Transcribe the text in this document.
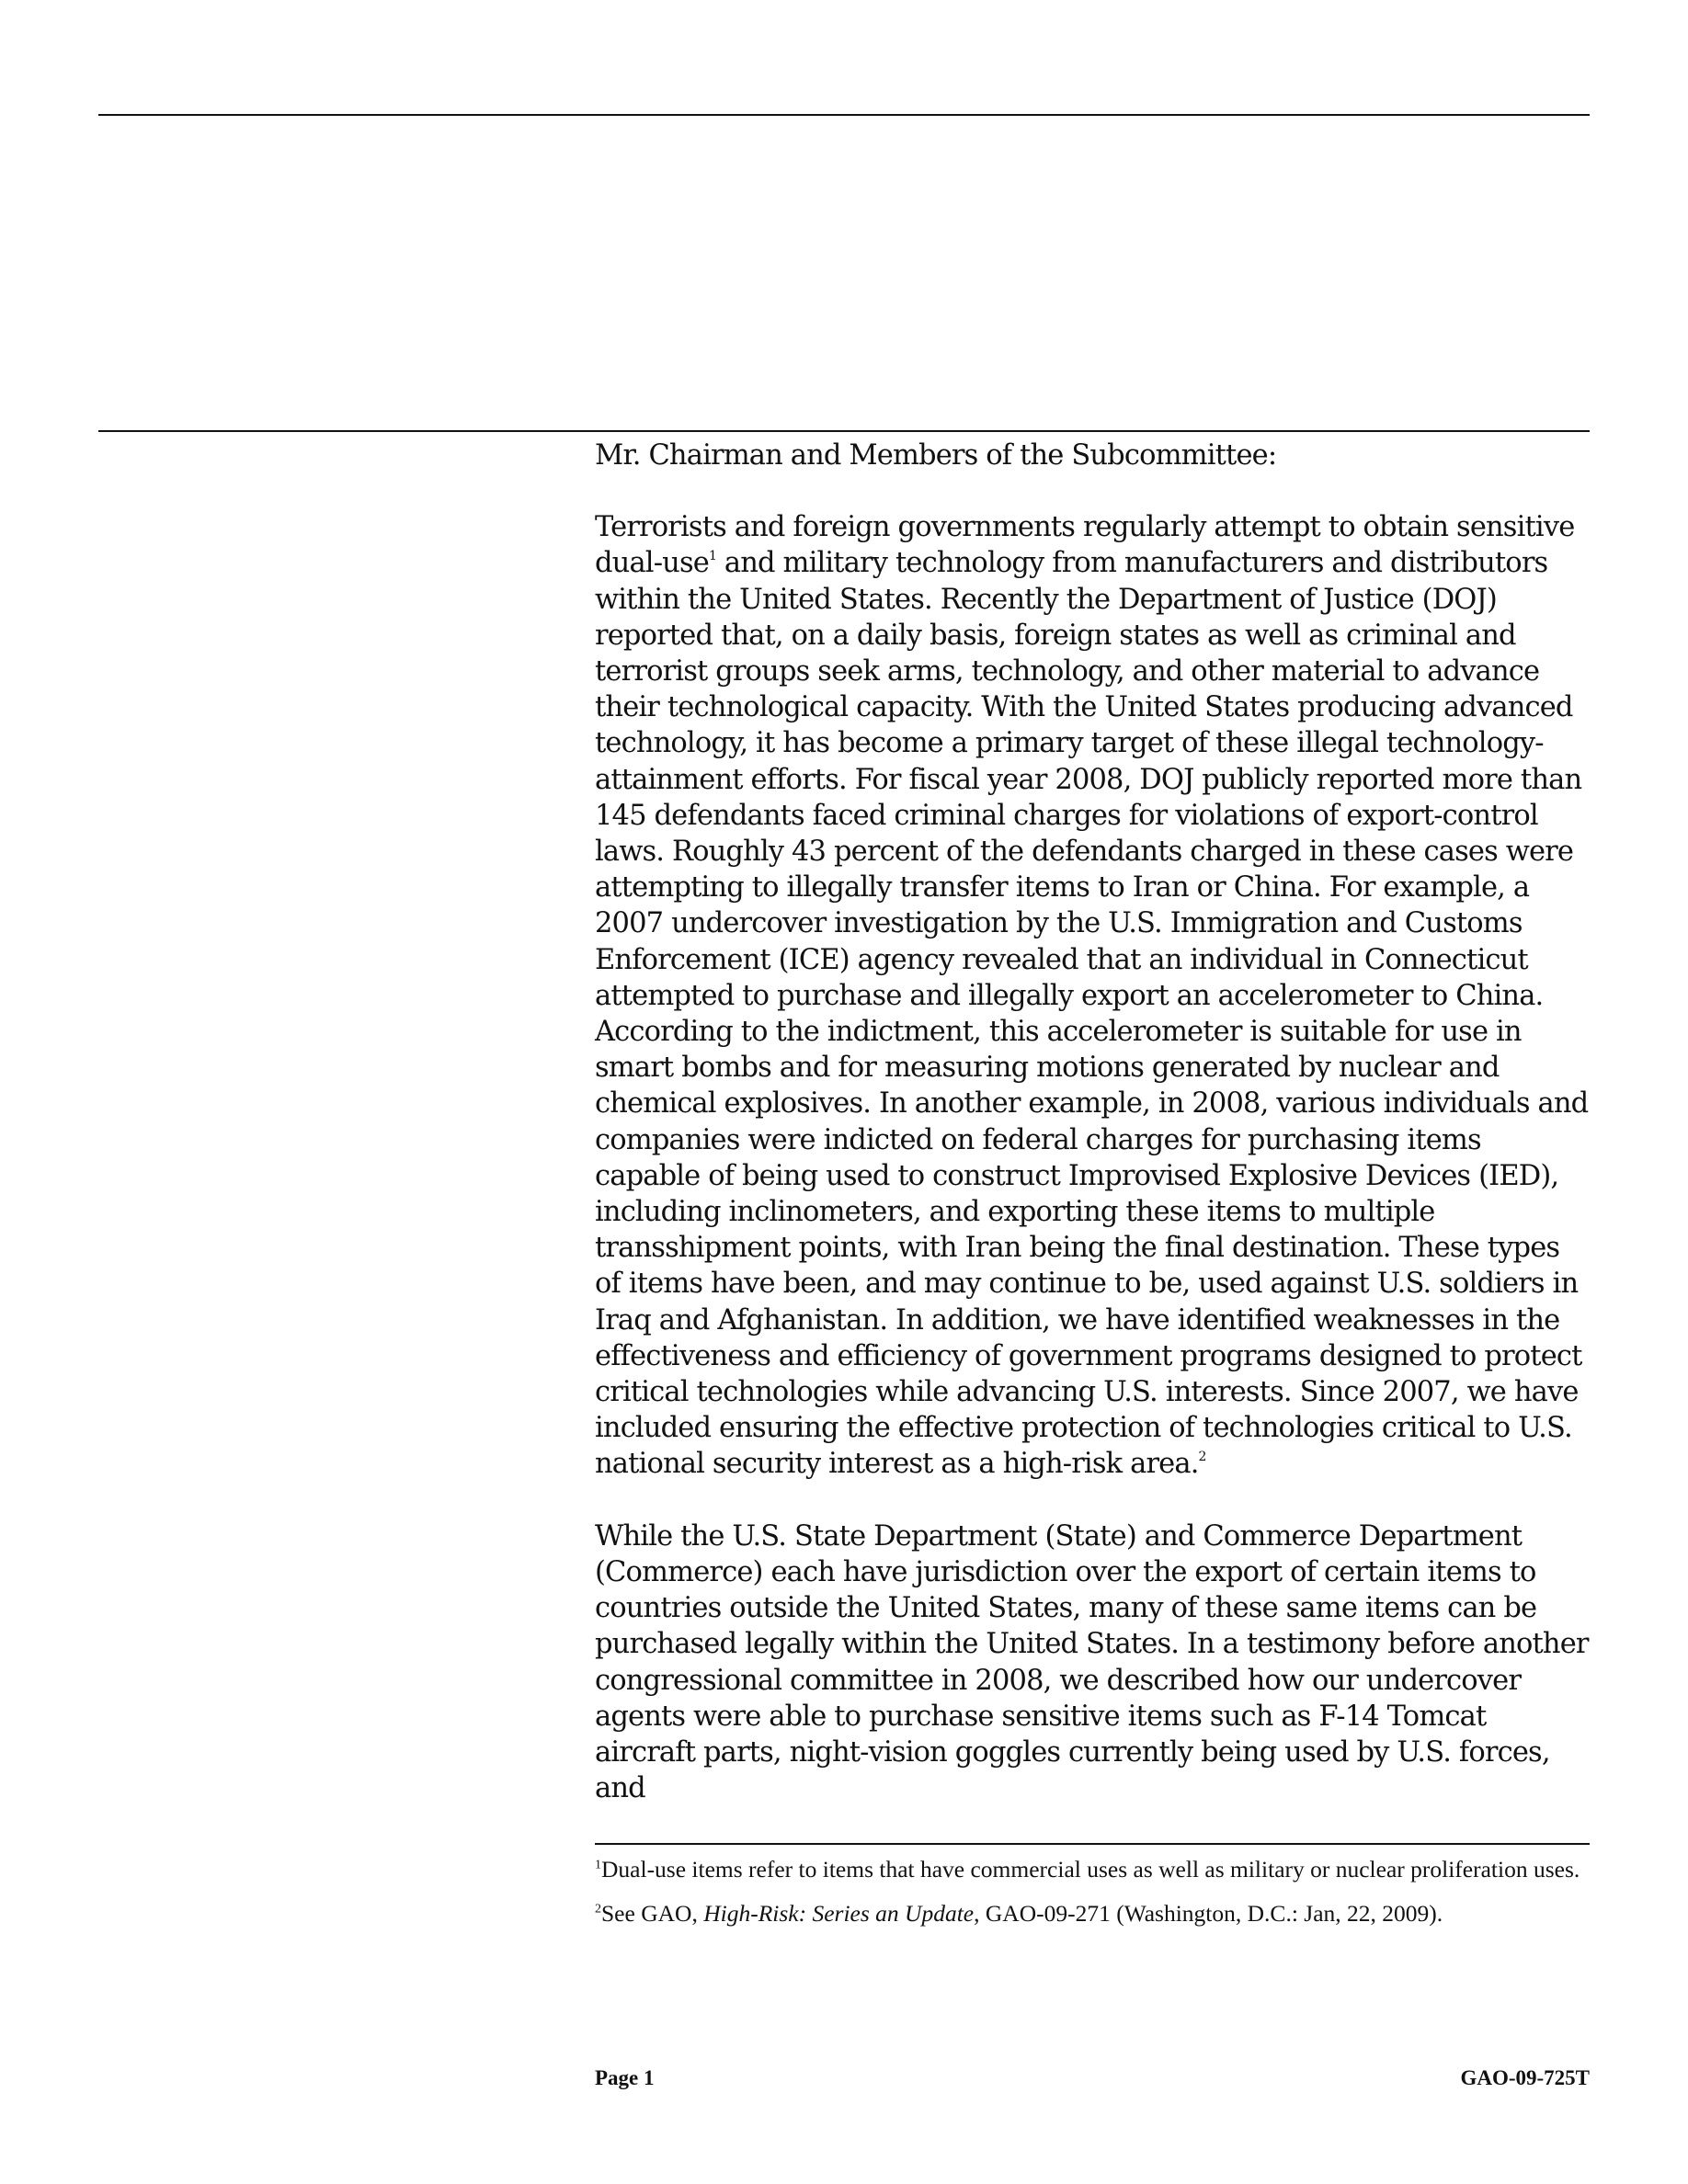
Mr. Chairman and Members of the Subcommittee:

Terrorists and foreign governments regularly attempt to obtain sensitive dual-use$^1$ and military technology from manufacturers and distributors within the United States. Recently the Department of Justice (DOJ) reported that, on a daily basis, foreign states as well as criminal and terrorist groups seek arms, technology, and other material to advance their technological capacity. With the United States producing advanced technology, it has become a primary target of these illegal technology-attainment efforts. For fiscal year 2008, DOJ publicly reported more than 145 defendants faced criminal charges for violations of export-control laws. Roughly 43 percent of the defendants charged in these cases were attempting to illegally transfer items to Iran or China. For example, a 2007 undercover investigation by the U.S. Immigration and Customs Enforcement (ICE) agency revealed that an individual in Connecticut attempted to purchase and illegally export an accelerometer to China. According to the indictment, this accelerometer is suitable for use in smart bombs and for measuring motions generated by nuclear and chemical explosives. In another example, in 2008, various individuals and companies were indicted on federal charges for purchasing items capable of being used to construct Improvised Explosive Devices (IED), including inclinometers, and exporting these items to multiple transshipment points, with Iran being the final destination. These types of items have been, and may continue to be, used against U.S. soldiers in Iraq and Afghanistan. In addition, we have identified weaknesses in the effectiveness and efficiency of government programs designed to protect critical technologies while advancing U.S. interests. Since 2007, we have included ensuring the effective protection of technologies critical to U.S. national security interest as a high-risk area.$^2$

While the U.S. State Department (State) and Commerce Department (Commerce) each have jurisdiction over the export of certain items to countries outside the United States, many of these same items can be purchased legally within the United States. In a testimony before another congressional committee in 2008, we described how our undercover agents were able to purchase sensitive items such as F-14 Tomcat aircraft parts, night-vision goggles currently being used by U.S. forces, and

$^1$Dual-use items refer to items that have commercial uses as well as military or nuclear proliferation uses.

$^2$See GAO, High-Risk: Series an Update, GAO-09-271 (Washington, D.C.: Jan, 22, 2009).

Page 1	GAO-09-725T
